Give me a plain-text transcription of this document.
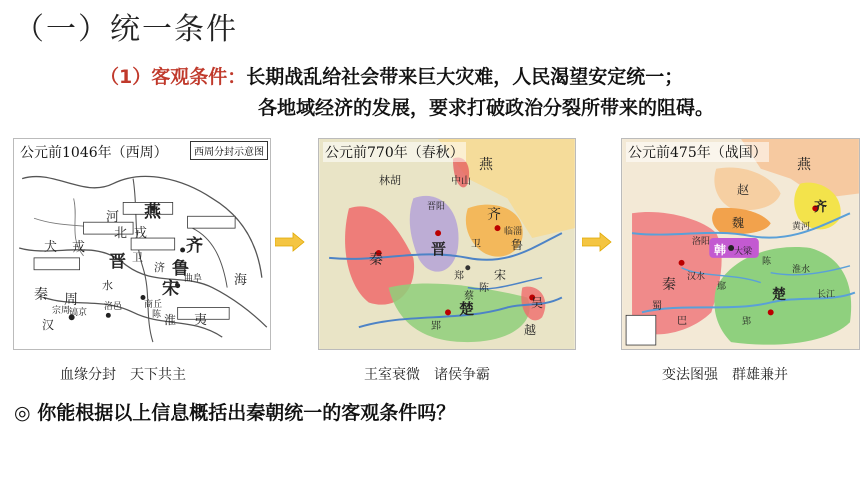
（一）统一条件
（1）客观条件：长期战乱给社会带来巨大灾难，人民渴望安定统一；
各地域经济的发展，要求打破政治分裂所带来的阻碍。
公元前1046年（西周）	西周分封示意图
燕
齐
鲁
晋
宋
秦 周
河
北 戎
犬 戎
卫
济
水
淮 夷
海
汉
宗周
镐京
洛邑 商丘
曲阜
陈
公元前770年（春秋）
燕
晋
齐
秦
楚
宋
鲁
吴
越
林胡	中山
卫
郑
陈
蔡
郢
晋阳
临淄
公元前475年（战国）
燕
赵
齐
魏
韩
秦
楚
巴
蜀
洛阳
大梁
郢
黄河
长江
汉水
淮水
鄢
陈
血缘分封　天下共主	王室衰微　诸侯争霸	变法图强　群雄兼并
◎ 你能根据以上信息概括出秦朝统一的客观条件吗？
